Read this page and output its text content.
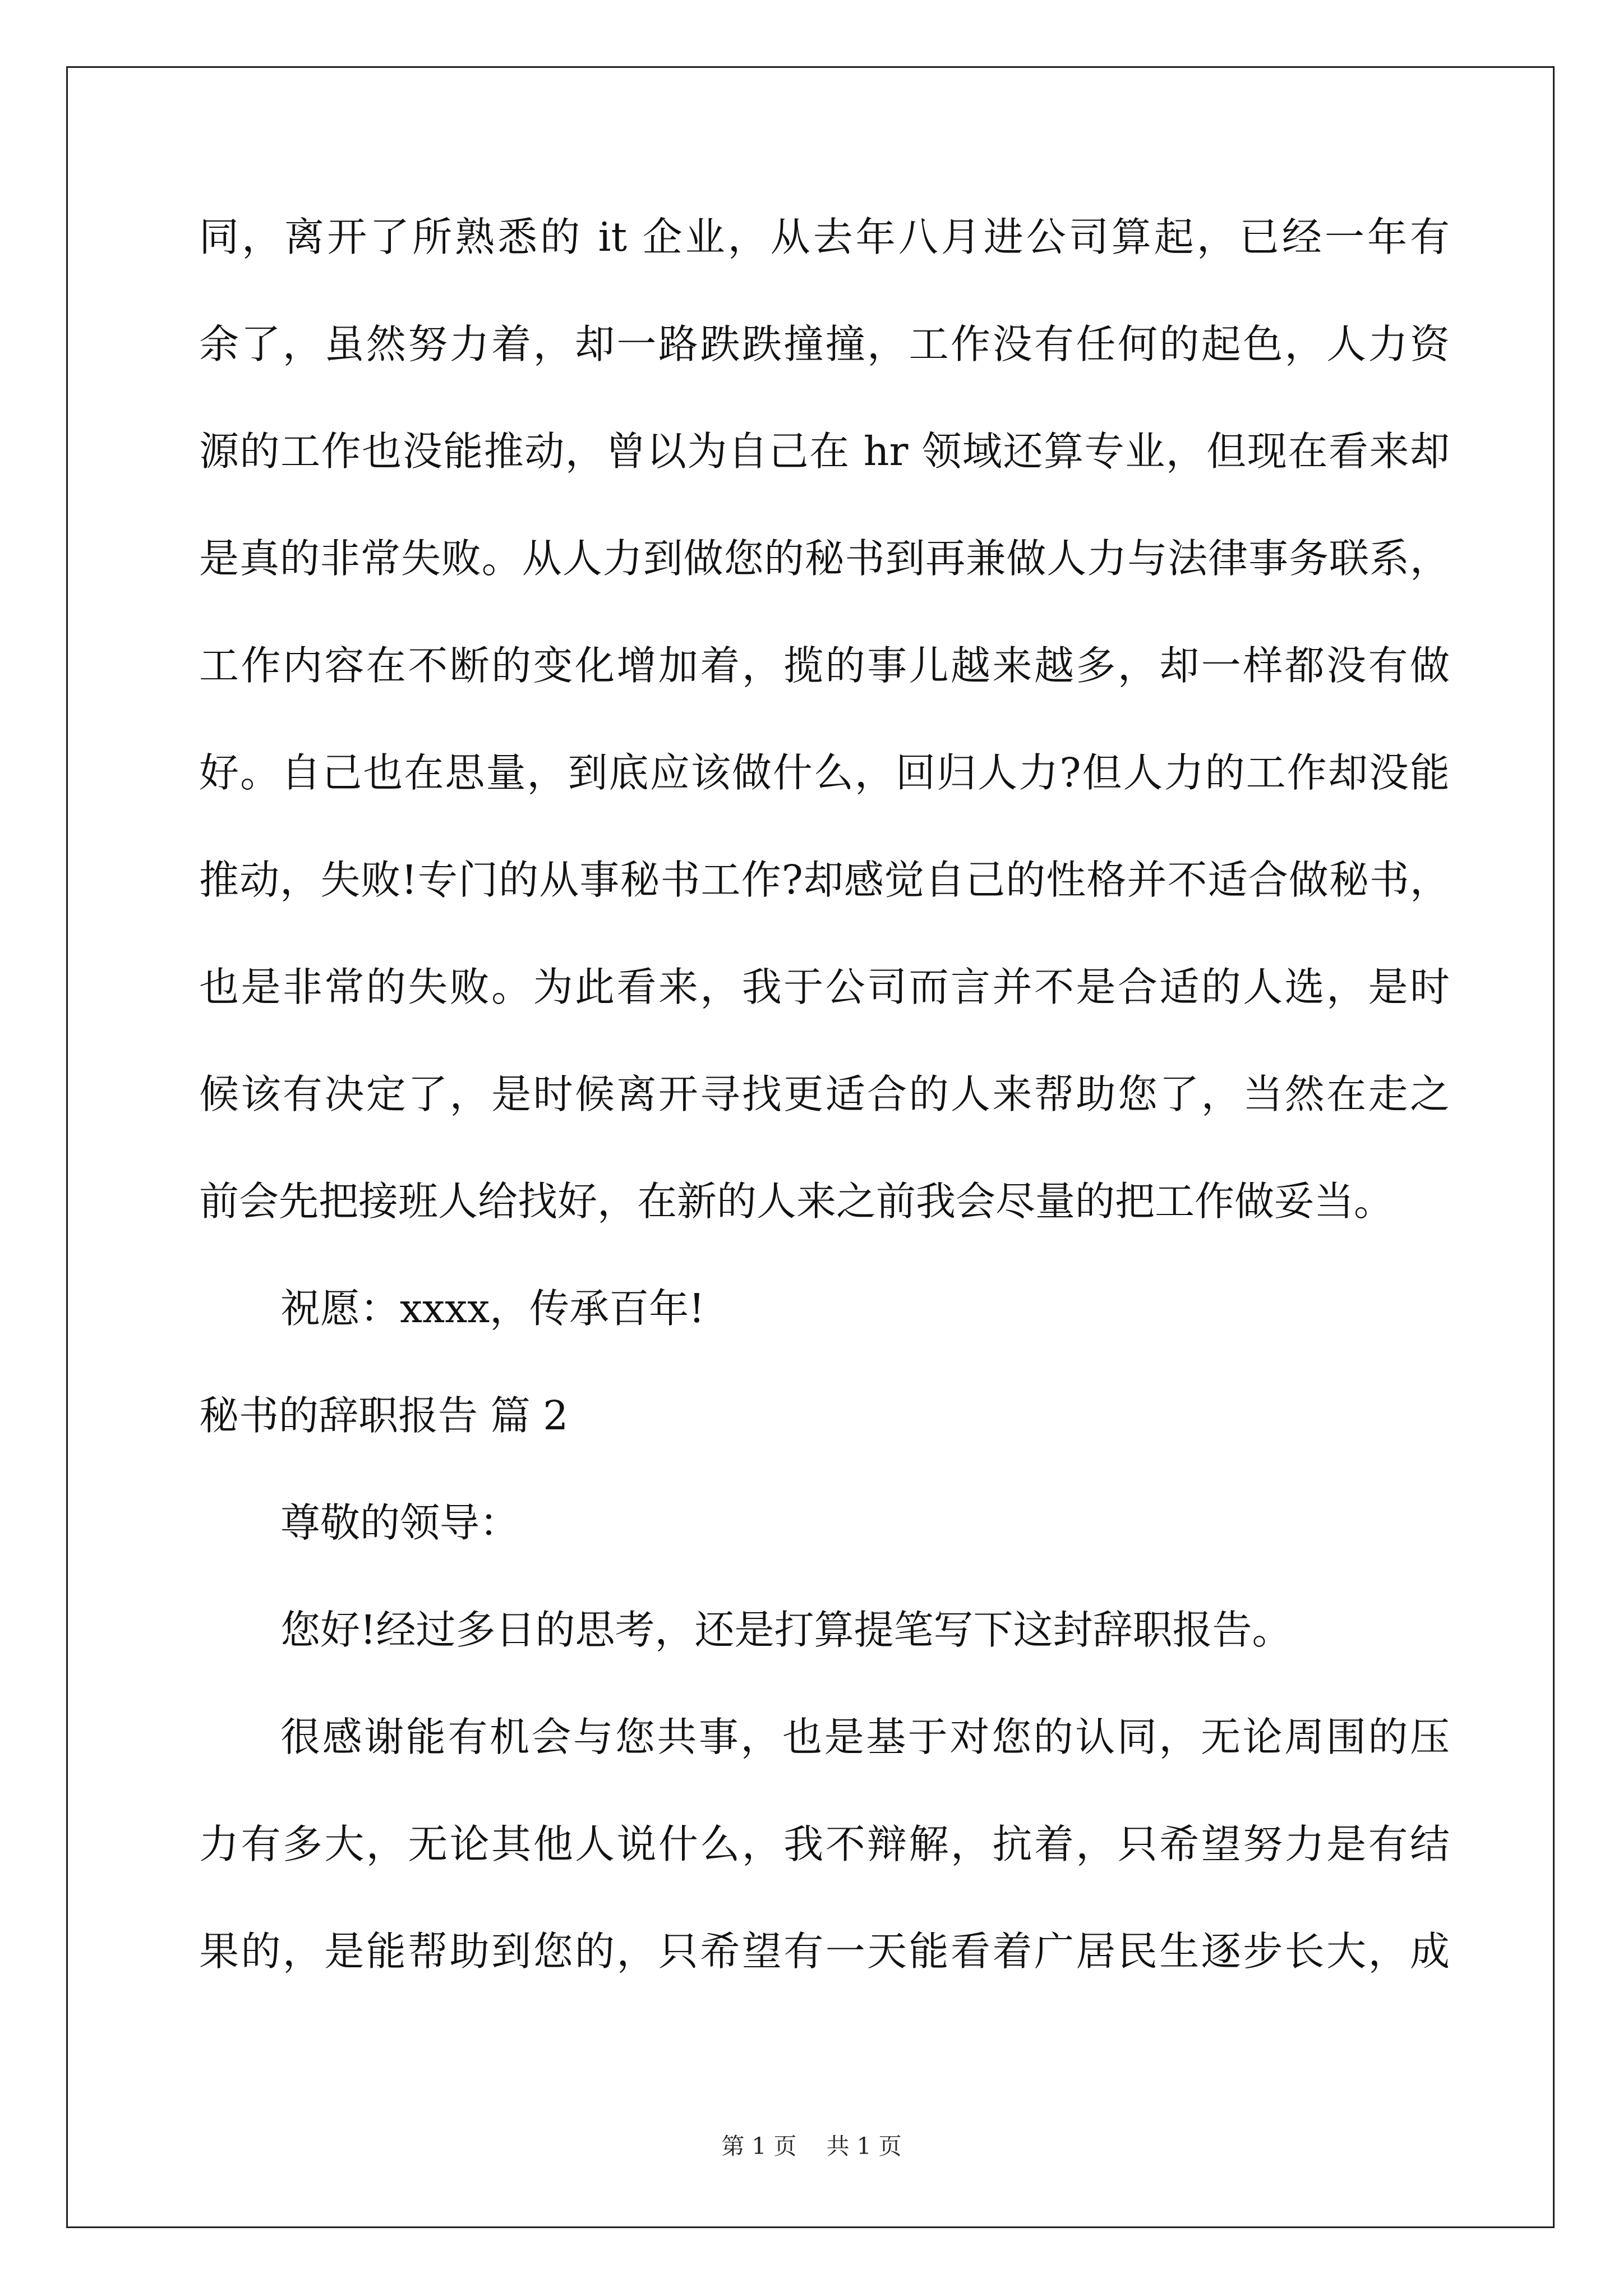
同，离开了所熟悉的 it 企业，从去年八月进公司算起，已经一年有
余了，虽然努力着，却一路跌跌撞撞，工作没有任何的起色，人力资
源的工作也没能推动，曾以为自己在 hr 领域还算专业，但现在看来却
是真的非常失败。从人力到做您的秘书到再兼做人力与法律事务联系，
工作内容在不断的变化增加着，揽的事儿越来越多，却一样都没有做
好。自己也在思量，到底应该做什么，回归人力?但人力的工作却没能
推动，失败!专门的从事秘书工作?却感觉自己的性格并不适合做秘书，
也是非常的失败。为此看来，我于公司而言并不是合适的人选，是时
候该有决定了，是时候离开寻找更适合的人来帮助您了，当然在走之
前会先把接班人给找好，在新的人来之前我会尽量的把工作做妥当。
祝愿：xxxx，传承百年!
秘书的辞职报告 篇 2
尊敬的领导：
您好!经过多日的思考，还是打算提笔写下这封辞职报告。
很感谢能有机会与您共事，也是基于对您的认同，无论周围的压
力有多大，无论其他人说什么，我不辩解，抗着，只希望努力是有结
果的，是能帮助到您的，只希望有一天能看着广居民生逐步长大，成
第 1 页 共 1 页
